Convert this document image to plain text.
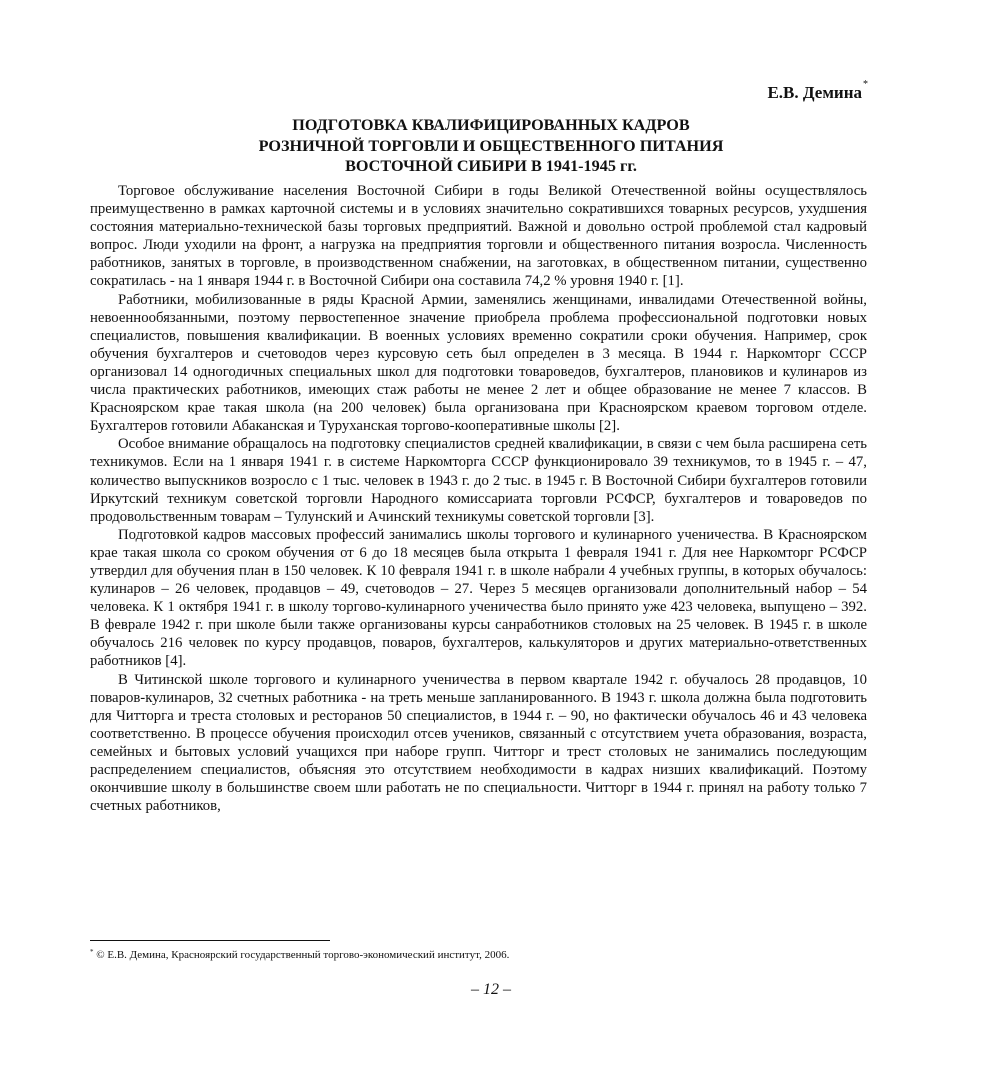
Е.В. Демина*
ПОДГОТОВКА КВАЛИФИЦИРОВАННЫХ КАДРОВ
РОЗНИЧНОЙ ТОРГОВЛИ И ОБЩЕСТВЕННОГО ПИТАНИЯ
ВОСТОЧНОЙ СИБИРИ В 1941-1945 гг.

Торговое обслуживание населения Восточной Сибири в годы Великой Отечественной войны осуществлялось преимущественно в рамках карточной системы и в условиях значительно сократившихся товарных ресурсов, ухудшения состояния материально-технической базы торговых предприятий. Важной и довольно острой проблемой стал кадровый вопрос. Люди уходили на фронт, а нагрузка на предприятия торговли и общественного питания возросла. Численность работников, занятых в торговле, в производственном снабжении, на заготовках, в общественном питании, существенно сократилась - на 1 января 1944 г. в Восточной Сибири она составила 74,2 % уровня 1940 г. [1].

Работники, мобилизованные в ряды Красной Армии, заменялись женщинами, инвалидами Отечественной войны, невоеннообязанными, поэтому первостепенное значение приобрела проблема профессиональной подготовки новых специалистов, повышения квалификации. В военных условиях временно сократили сроки обучения. Например, срок обучения бухгалтеров и счетоводов через курсовую сеть был определен в 3 месяца. В 1944 г. Наркомторг СССР организовал 14 одногодичных специальных школ для подготовки товароведов, бухгалтеров, плановиков и кулинаров из числа практических работников, имеющих стаж работы не менее 2 лет и общее образование не менее 7 классов. В Красноярском крае такая школа (на 200 человек) была организована при Красноярском краевом торговом отделе. Бухгалтеров готовили Абаканская и Туруханская торгово-кооперативные школы [2].

Особое внимание обращалось на подготовку специалистов средней квалификации, в связи с чем была расширена сеть техникумов. Если на 1 января 1941 г. в системе Наркомторга СССР функционировало 39 техникумов, то в 1945 г. – 47, количество выпускников возросло с 1 тыс. человек в 1943 г. до 2 тыс. в 1945 г. В Восточной Сибири бухгалтеров готовили Иркутский техникум советской торговли Народного комиссариата торговли РСФСР, бухгалтеров и товароведов по продовольственным товарам – Тулунский и Ачинский техникумы советской торговли [3].

Подготовкой кадров массовых профессий занимались школы торгового и кулинарного ученичества. В Красноярском крае такая школа со сроком обучения от 6 до 18 месяцев была открыта 1 февраля 1941 г. Для нее Наркомторг РСФСР утвердил для обучения план в 150 человек. К 10 февраля 1941 г. в школе набрали 4 учебных группы, в которых обучалось: кулинаров – 26 человек, продавцов – 49, счетоводов – 27. Через 5 месяцев организовали дополнительный набор – 54 человека. К 1 октября 1941 г. в школу торгово-кулинарного ученичества было принято уже 423 человека, выпущено – 392. В феврале 1942 г. при школе были также организованы курсы санработников столовых на 25 человек. В 1945 г. в школе обучалось 216 человек по курсу продавцов, поваров, бухгалтеров, калькуляторов и других материально-ответственных работников [4].

В Читинской школе торгового и кулинарного ученичества в первом квартале 1942 г. обучалось 28 продавцов, 10 поваров-кулинаров, 32 счетных работника - на треть меньше запланированного. В 1943 г. школа должна была подготовить для Читторга и треста столовых и ресторанов 50 специалистов, в 1944 г. – 90, но фактически обучалось 46 и 43 человека соответственно. В процессе обучения происходил отсев учеников, связанный с отсутствием учета образования, возраста, семейных и бытовых условий учащихся при наборе групп. Читторг и трест столовых не занимались последующим распределением специалистов, объясняя это отсутствием необходимости в кадрах низших квалификаций. Поэтому окончившие школу в большинстве своем шли работать не по специальности. Читторг в 1944 г. принял на работу только 7 счетных работников,

* © Е.В. Демина, Красноярский государственный торгово-экономический институт, 2006.
– 12 –
